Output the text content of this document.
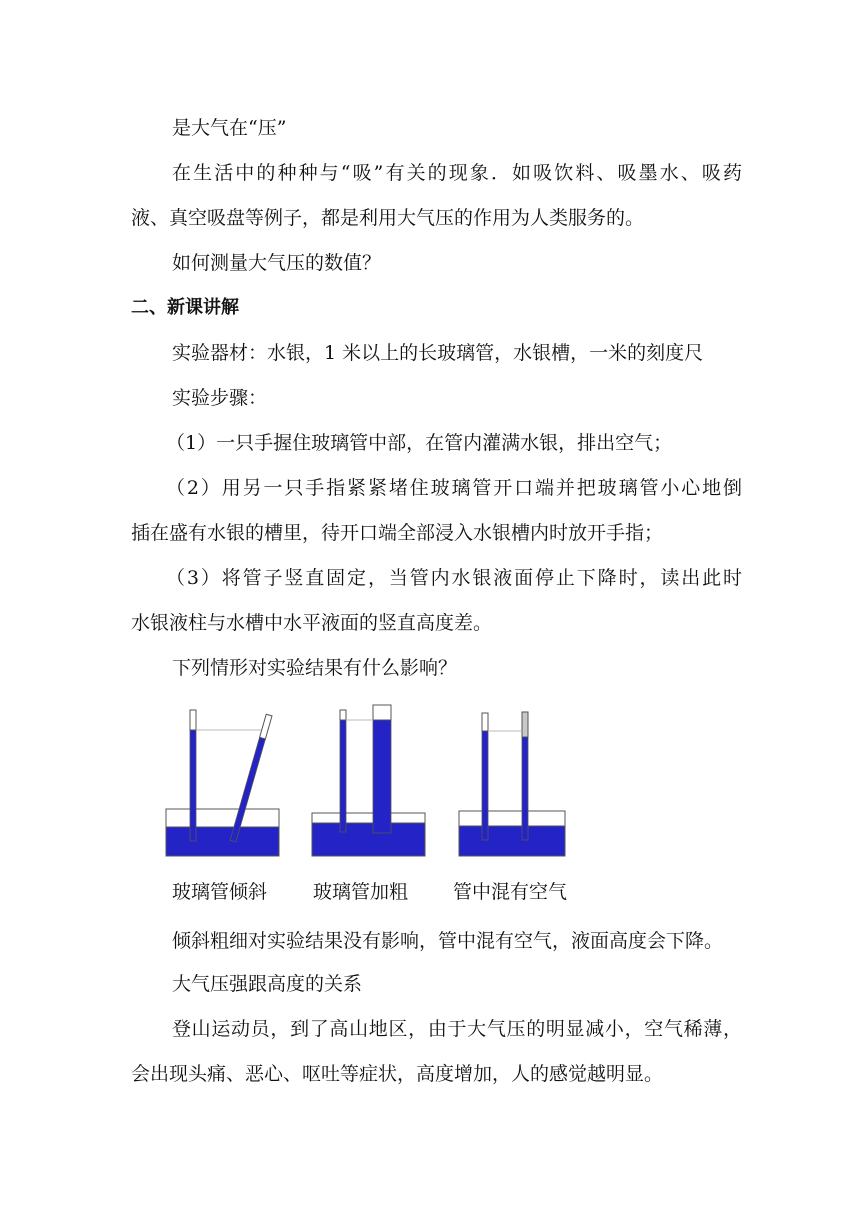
是大气在“压”
在生活中的种种与“吸”有关的现象．如吸饮料、吸墨水、吸药
液、真空吸盘等例子，都是利用大气压的作用为人类服务的。
如何测量大气压的数值？
二、新课讲解
实验器材：水银，1 米以上的长玻璃管，水银槽，一米的刻度尺
实验步骤：
（1）一只手握住玻璃管中部，在管内灌满水银，排出空气；
（2）用另一只手指紧紧堵住玻璃管开口端并把玻璃管小心地倒
插在盛有水银的槽里，待开口端全部浸入水银槽内时放开手指；
（3）将管子竖直固定，当管内水银液面停止下降时，读出此时
水银液柱与水槽中水平液面的竖直高度差。
下列情形对实验结果有什么影响？
玻璃管倾斜 玻璃管加粗 管中混有空气
倾斜粗细对实验结果没有影响，管中混有空气，液面高度会下降。
大气压强跟高度的关系
登山运动员，到了高山地区，由于大气压的明显减小，空气稀薄，
会出现头痛、恶心、呕吐等症状，高度增加，人的感觉越明显。
